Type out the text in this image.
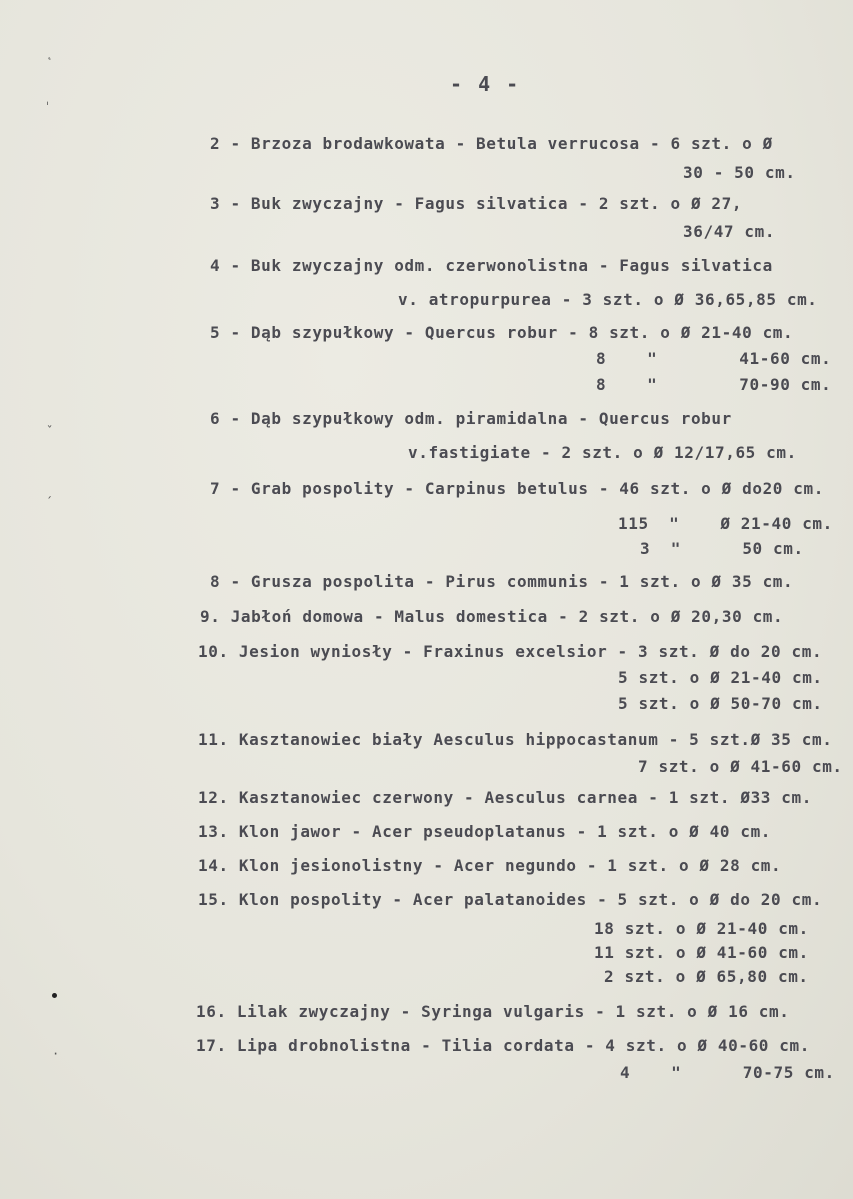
˛
ˈ
ˇ
ˏ
·
- 4 -
2 - Brzoza brodawkowata - Betula verrucosa - 6 szt. o Ø
30 - 50 cm.
3 - Buk zwyczajny - Fagus silvatica - 2 szt. o Ø 27,
36/47 cm.
4 - Buk zwyczajny odm. czerwonolistna - Fagus silvatica
v. atropurpurea - 3 szt. o Ø 36,65,85 cm.
5 - Dąb szypułkowy - Quercus robur - 8 szt. o Ø 21-40 cm.
8    "        41-60 cm.
8    "        70-90 cm.
6 - Dąb szypułkowy odm. piramidalna - Quercus robur
v.fastigiate - 2 szt. o Ø 12/17,65 cm.
7 - Grab pospolity - Carpinus betulus - 46 szt. o Ø do20 cm.
115  "    Ø 21-40 cm.
3  "      50 cm.
8 - Grusza pospolita - Pirus communis - 1 szt. o Ø 35 cm.
9. Jabłoń domowa - Malus domestica - 2 szt. o Ø 20,30 cm.
10. Jesion wyniosły - Fraxinus excelsior - 3 szt. Ø do 20 cm.
5 szt. o Ø 21-40 cm.
5 szt. o Ø 50-70 cm.
11. Kasztanowiec biały Aesculus hippocastanum - 5 szt.Ø 35 cm.
7 szt. o Ø 41-60 cm.
12. Kasztanowiec czerwony - Aesculus carnea - 1 szt. Ø33 cm.
13. Klon jawor - Acer pseudoplatanus - 1 szt. o Ø 40 cm.
14. Klon jesionolistny - Acer negundo - 1 szt. o Ø 28 cm.
15. Klon pospolity - Acer palatanoides - 5 szt. o Ø do 20 cm.
18 szt. o Ø 21-40 cm.
11 szt. o Ø 41-60 cm.
2 szt. o Ø 65,80 cm.
16. Lilak zwyczajny - Syringa vulgaris - 1 szt. o Ø 16 cm.
17. Lipa drobnolistna - Tilia cordata - 4 szt. o Ø 40-60 cm.
4    "      70-75 cm.
